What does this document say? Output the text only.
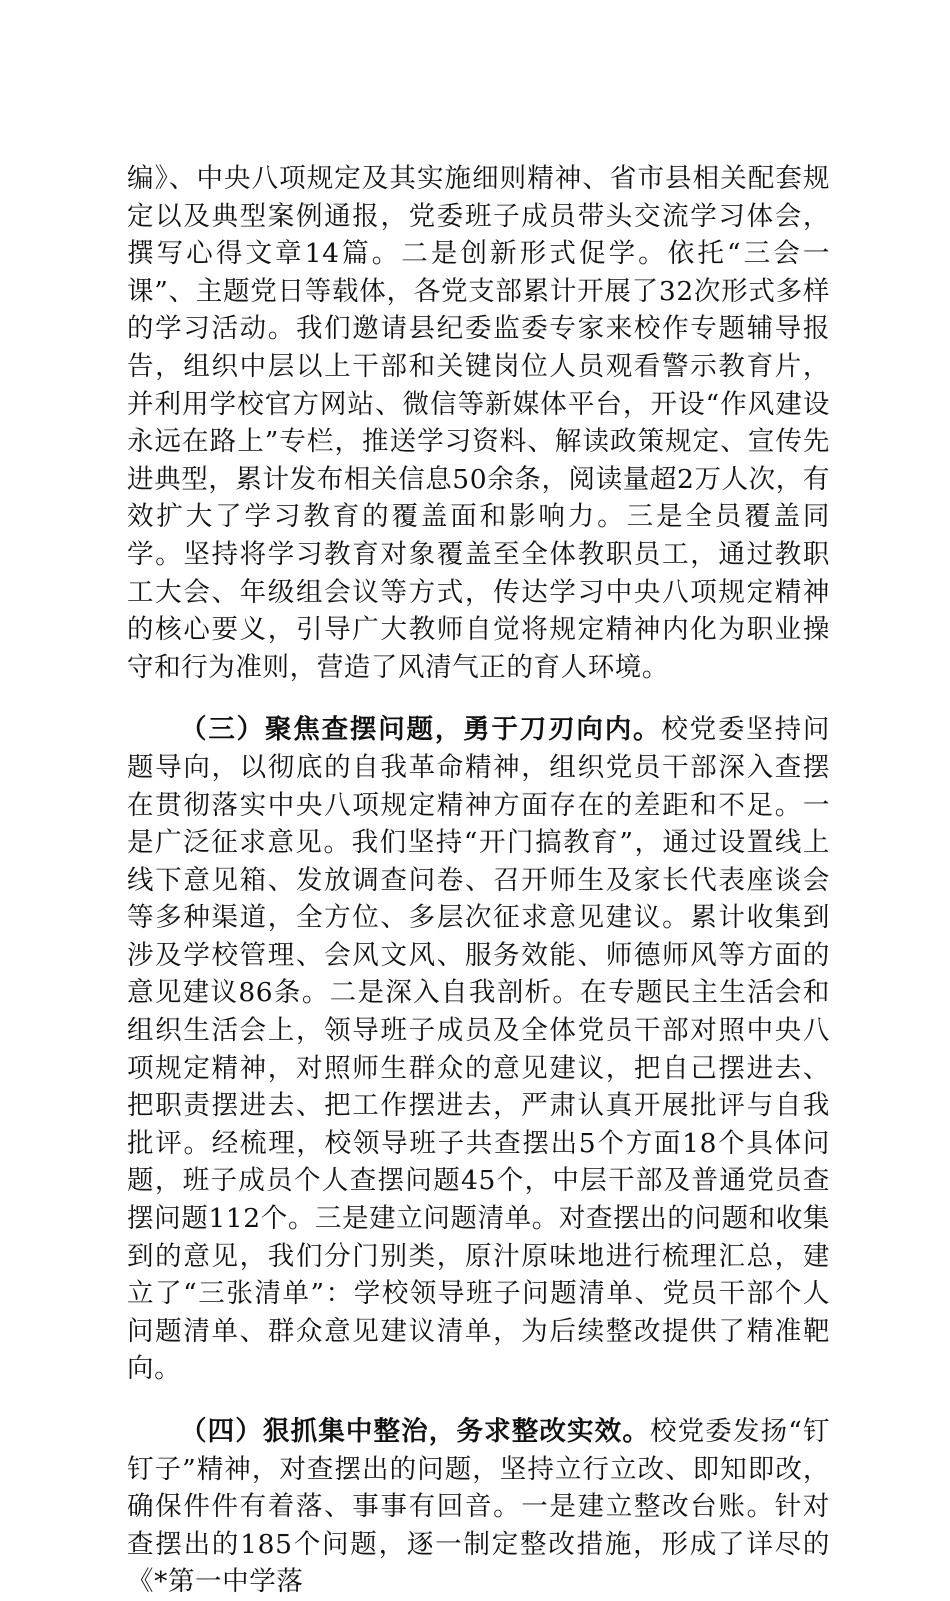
编》、中央八项规定及其实施细则精神、省市县相关配套规定以及典型案例通报，党委班子成员带头交流学习体会，撰写心得文章14篇。二是创新形式促学。依托“三会一课”、主题党日等载体，各党支部累计开展了32次形式多样的学习活动。我们邀请县纪委监委专家来校作专题辅导报告，组织中层以上干部和关键岗位人员观看警示教育片，并利用学校官方网站、微信等新媒体平台，开设“作风建设永远在路上”专栏，推送学习资料、解读政策规定、宣传先进典型，累计发布相关信息50余条，阅读量超2万人次，有效扩大了学习教育的覆盖面和影响力。三是全员覆盖同学。坚持将学习教育对象覆盖至全体教职员工，通过教职工大会、年级组会议等方式，传达学习中央八项规定精神的核心要义，引导广大教师自觉将规定精神内化为职业操守和行为准则，营造了风清气正的育人环境。

（三）聚焦查摆问题，勇于刀刃向内。校党委坚持问题导向，以彻底的自我革命精神，组织党员干部深入查摆在贯彻落实中央八项规定精神方面存在的差距和不足。一是广泛征求意见。我们坚持“开门搞教育”，通过设置线上线下意见箱、发放调查问卷、召开师生及家长代表座谈会等多种渠道，全方位、多层次征求意见建议。累计收集到涉及学校管理、会风文风、服务效能、师德师风等方面的意见建议86条。二是深入自我剖析。在专题民主生活会和组织生活会上，领导班子成员及全体党员干部对照中央八项规定精神，对照师生群众的意见建议，把自己摆进去、把职责摆进去、把工作摆进去，严肃认真开展批评与自我批评。经梳理，校领导班子共查摆出5个方面18个具体问题，班子成员个人查摆问题45个，中层干部及普通党员查摆问题112个。三是建立问题清单。对查摆出的问题和收集到的意见，我们分门别类，原汁原味地进行梳理汇总，建立了“三张清单”：学校领导班子问题清单、党员干部个人问题清单、群众意见建议清单，为后续整改提供了精准靶向。

（四）狠抓集中整治，务求整改实效。校党委发扬“钉钉子”精神，对查摆出的问题，坚持立行立改、即知即改，确保件件有着落、事事有回音。一是建立整改台账。针对查摆出的185个问题，逐一制定整改措施，形成了详尽的《*第一中学落
